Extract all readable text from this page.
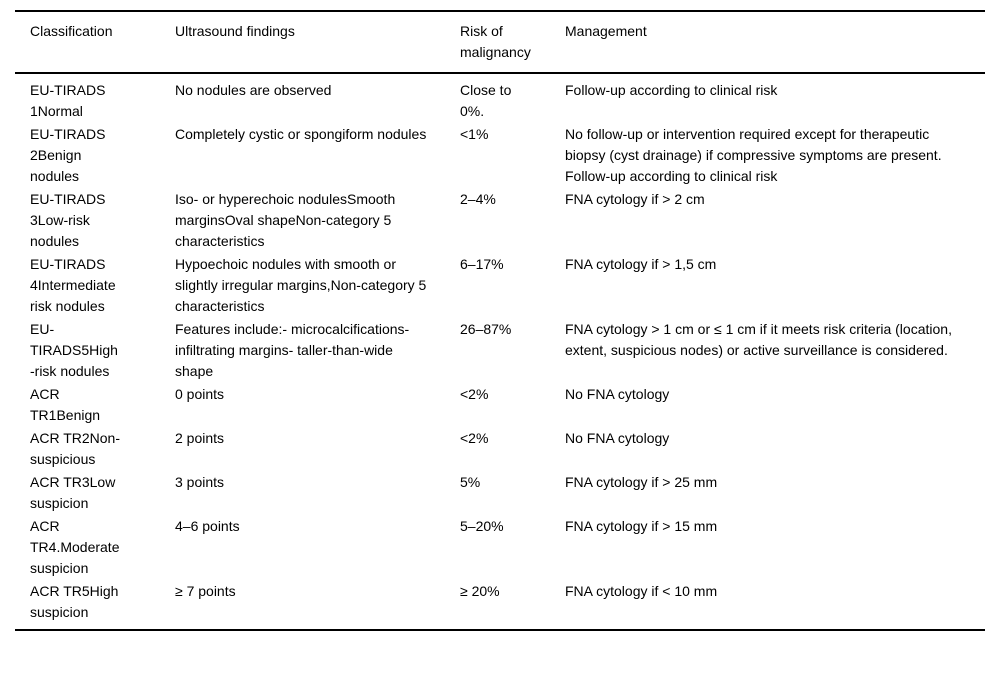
Classification	Ultrasound findings	Risk of malignancy	Management
EU-TIRADS 1Normal	No nodules are observed	Close to 0%.	Follow-up according to clinical risk
EU-TIRADS 2Benign nodules	Completely cystic or spongiform nodules	<1%	No follow-up or intervention required except for therapeutic biopsy (cyst drainage) if compressive symptoms are present. Follow-up according to clinical risk
EU-TIRADS 3Low-risk nodules	Iso- or hyperechoic nodulesSmooth marginsOval shapeNon-category 5 characteristics	2–4%	FNA cytology if > 2 cm
EU-TIRADS 4Intermediate risk nodules	Hypoechoic nodules with smooth or slightly irregular margins,Non-category 5 characteristics	6–17%	FNA cytology if > 1,5 cm
EU-TIRADS5High-risk nodules	Features include:- microcalcifications- infiltrating margins- taller-than-wide shape	26–87%	FNA cytology > 1 cm or ≤ 1 cm if it meets risk criteria (location, extent, suspicious nodes) or active surveillance is considered.
ACR TR1Benign	0 points	<2%	No FNA cytology
ACR TR2Non-suspicious	2 points	<2%	No FNA cytology
ACR TR3Low suspicion	3 points	5%	FNA cytology if > 25 mm
ACR TR4.Moderate suspicion	4–6 points	5–20%	FNA cytology if > 15 mm
ACR TR5High suspicion	≥ 7 points	≥ 20%	FNA cytology if < 10 mm
